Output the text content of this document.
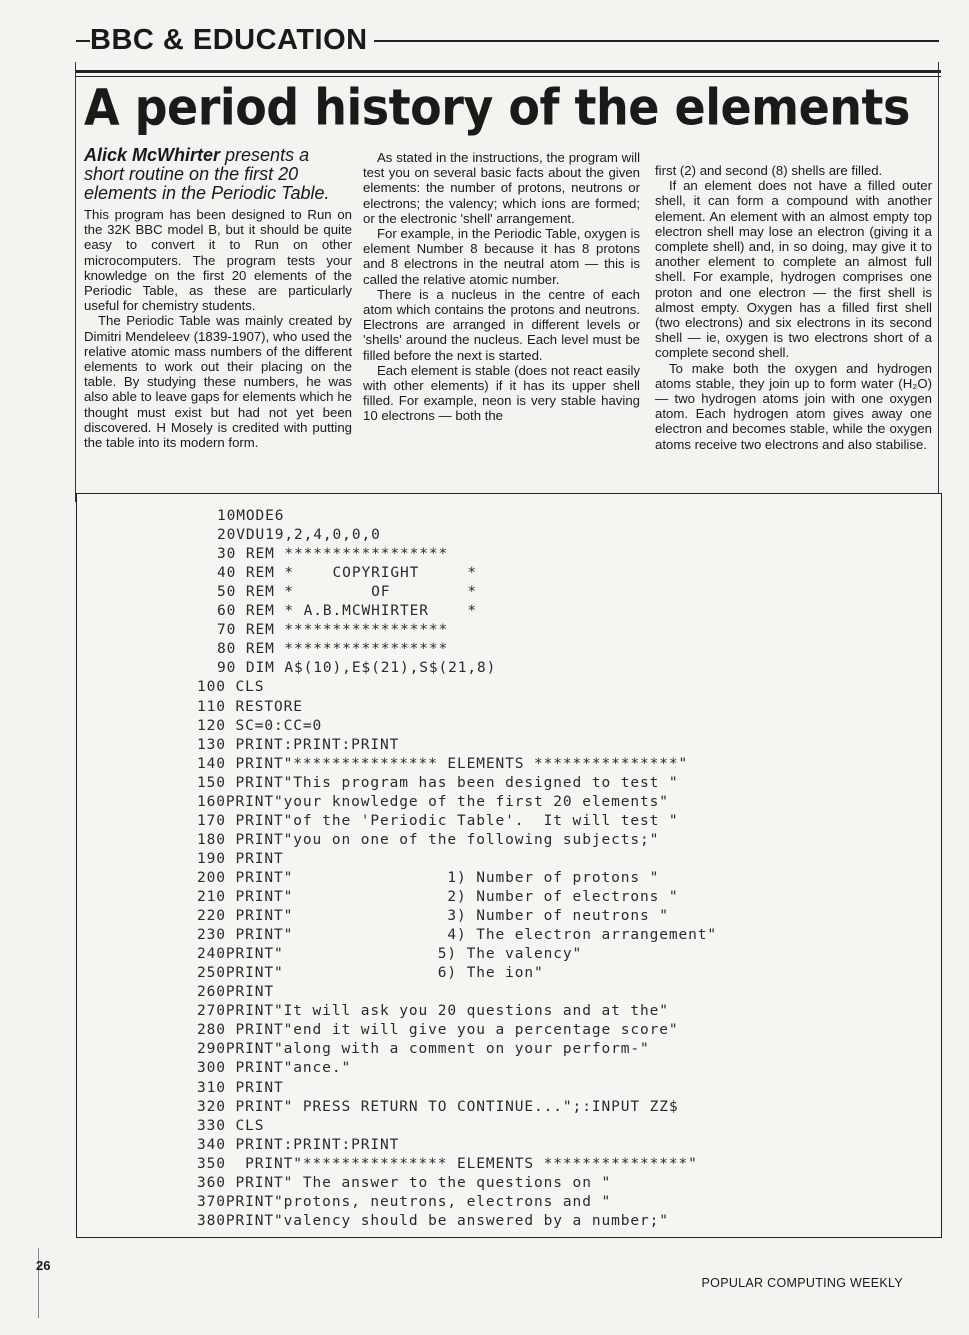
BBC & EDUCATION
A period history of the elements
Alick McWhirter presents a short routine on the first 20 elements in the Periodic Table.

This program has been designed to Run on the 32K BBC model B, but it should be quite easy to convert it to Run on other microcomputers. The program tests your knowledge on the first 20 elements of the Periodic Table, as these are particularly useful for chemistry students.

The Periodic Table was mainly created by Dimitri Mendeleev (1839-1907), who used the relative atomic mass numbers of the different elements to work out their placing on the table. By studying these numbers, he was also able to leave gaps for elements which he thought must exist but had not yet been discovered. H Mosely is credited with putting the table into its modern form.

As stated in the instructions, the program will test you on several basic facts about the given elements: the number of protons, neutrons or electrons; the valency; which ions are formed; or the electronic 'shell' arrangement.

For example, in the Periodic Table, oxygen is element Number 8 because it has 8 protons and 8 electrons in the neutral atom — this is called the relative atomic number.

There is a nucleus in the centre of each atom which contains the protons and neutrons. Electrons are arranged in different levels or 'shells' around the nucleus. Each level must be filled before the next is started.

Each element is stable (does not react easily with other elements) if it has its upper shell filled. For example, neon is very stable having 10 electrons — both the

first (2) and second (8) shells are filled.

If an element does not have a filled outer shell, it can form a compound with another element. An element with an almost empty top electron shell may lose an electron (giving it a complete shell) and, in so doing, may give it to another element to complete an almost full shell. For example, hydrogen comprises one proton and one electron — the first shell is almost empty. Oxygen has a filled first shell (two electrons) and six electrons in its second shell — ie, oxygen is two electrons short of a complete second shell.

To make both the oxygen and hydrogen atoms stable, they join up to form water (H₂O) — two hydrogen atoms join with one oxygen atom. Each hydrogen atom gives away one electron and becomes stable, while the oxygen atoms receive two electrons and also stabilise.

10MODE6
20VDU19,2,4,0,0,0
30 REM *****************
40 REM *    COPYRIGHT     *
50 REM *        OF        *
60 REM * A.B.MCWHIRTER    *
70 REM *****************
80 REM *****************
90 DIM A$(10),E$(21),S$(21,8)
100 CLS
110 RESTORE
120 SC=0:CC=0
130 PRINT:PRINT:PRINT
140 PRINT"*************** ELEMENTS ***************"
150 PRINT"This program has been designed to test "
160PRINT"your knowledge of the first 20 elements"
170 PRINT"of the 'Periodic Table'.  It will test "
180 PRINT"you on one of the following subjects;"
190 PRINT
200 PRINT"                1) Number of protons "
210 PRINT"                2) Number of electrons "
220 PRINT"                3) Number of neutrons "
230 PRINT"                4) The electron arrangement"
240PRINT"                5) The valency"
250PRINT"                6) The ion"
260PRINT
270PRINT"It will ask you 20 questions and at the"
280 PRINT"end it will give you a percentage score"
290PRINT"along with a comment on your perform-"
300 PRINT"ance."
310 PRINT
320 PRINT" PRESS RETURN TO CONTINUE...";:INPUT ZZ$
330 CLS
340 PRINT:PRINT:PRINT
350  PRINT"*************** ELEMENTS ***************"
360 PRINT" The answer to the questions on "
370PRINT"protons, neutrons, electrons and "
380PRINT"valency should be answered by a number;"
26
POPULAR COMPUTING WEEKLY
